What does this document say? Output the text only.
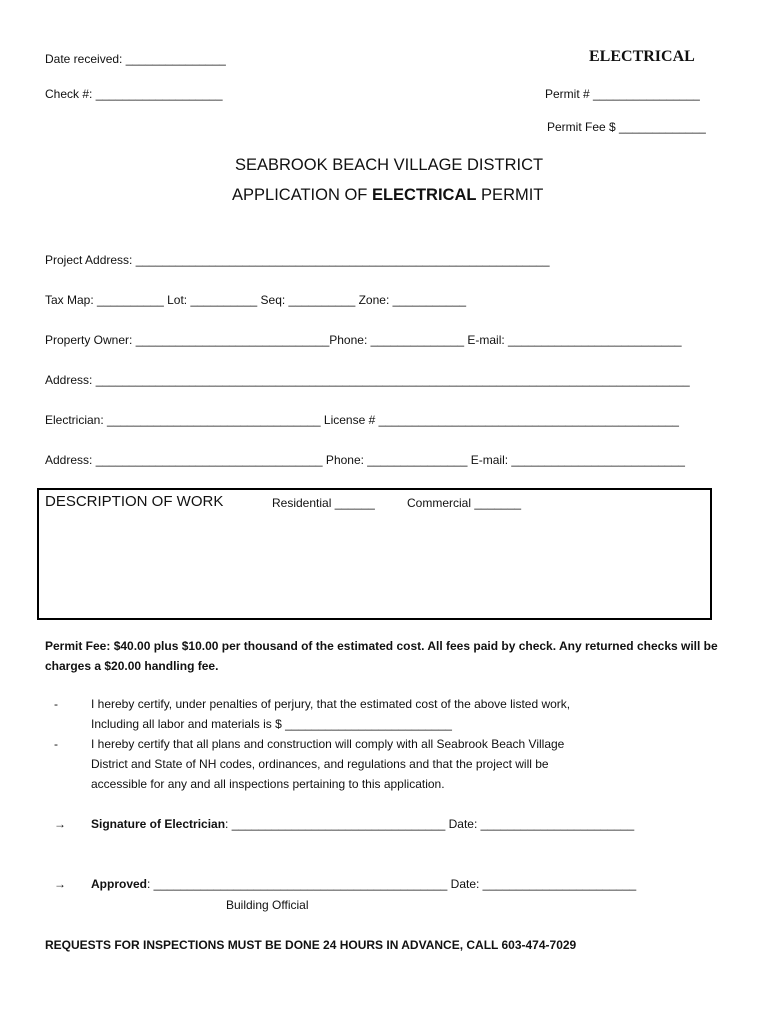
Date received: _______________	ELECTRICAL
Check #: ___________________	Permit # ________________
Permit Fee $ _____________
SEABROOK BEACH VILLAGE DISTRICT
APPLICATION OF ELECTRICAL PERMIT
Project Address: ______________________________________________________________
Tax Map: __________ Lot: __________ Seq: __________ Zone: ___________
Property Owner: _____________________________Phone: ______________ E-mail: __________________________
Address: _________________________________________________________________________________________
Electrician: ________________________________ License # _____________________________________________
Address: __________________________________ Phone: _______________ E-mail: __________________________
DESCRIPTION OF WORK	Residential ______	Commercial _______
Permit Fee: $40.00 plus $10.00 per thousand of the estimated cost. All fees paid by check. Any returned checks will be charges a $20.00 handling fee.
-	I hereby certify, under penalties of perjury, that the estimated cost of the above listed work,
Including all labor and materials is $ _________________________
-	I hereby certify that all plans and construction will comply with all Seabrook Beach Village
District and State of NH codes, ordinances, and regulations and that the project will be
accessible for any and all inspections pertaining to this application.
→ Signature of Electrician: ________________________________ Date: _______________________
→ Approved: ____________________________________________ Date: _______________________
Building Official
REQUESTS FOR INSPECTIONS MUST BE DONE 24 HOURS IN ADVANCE, CALL 603-474-7029
